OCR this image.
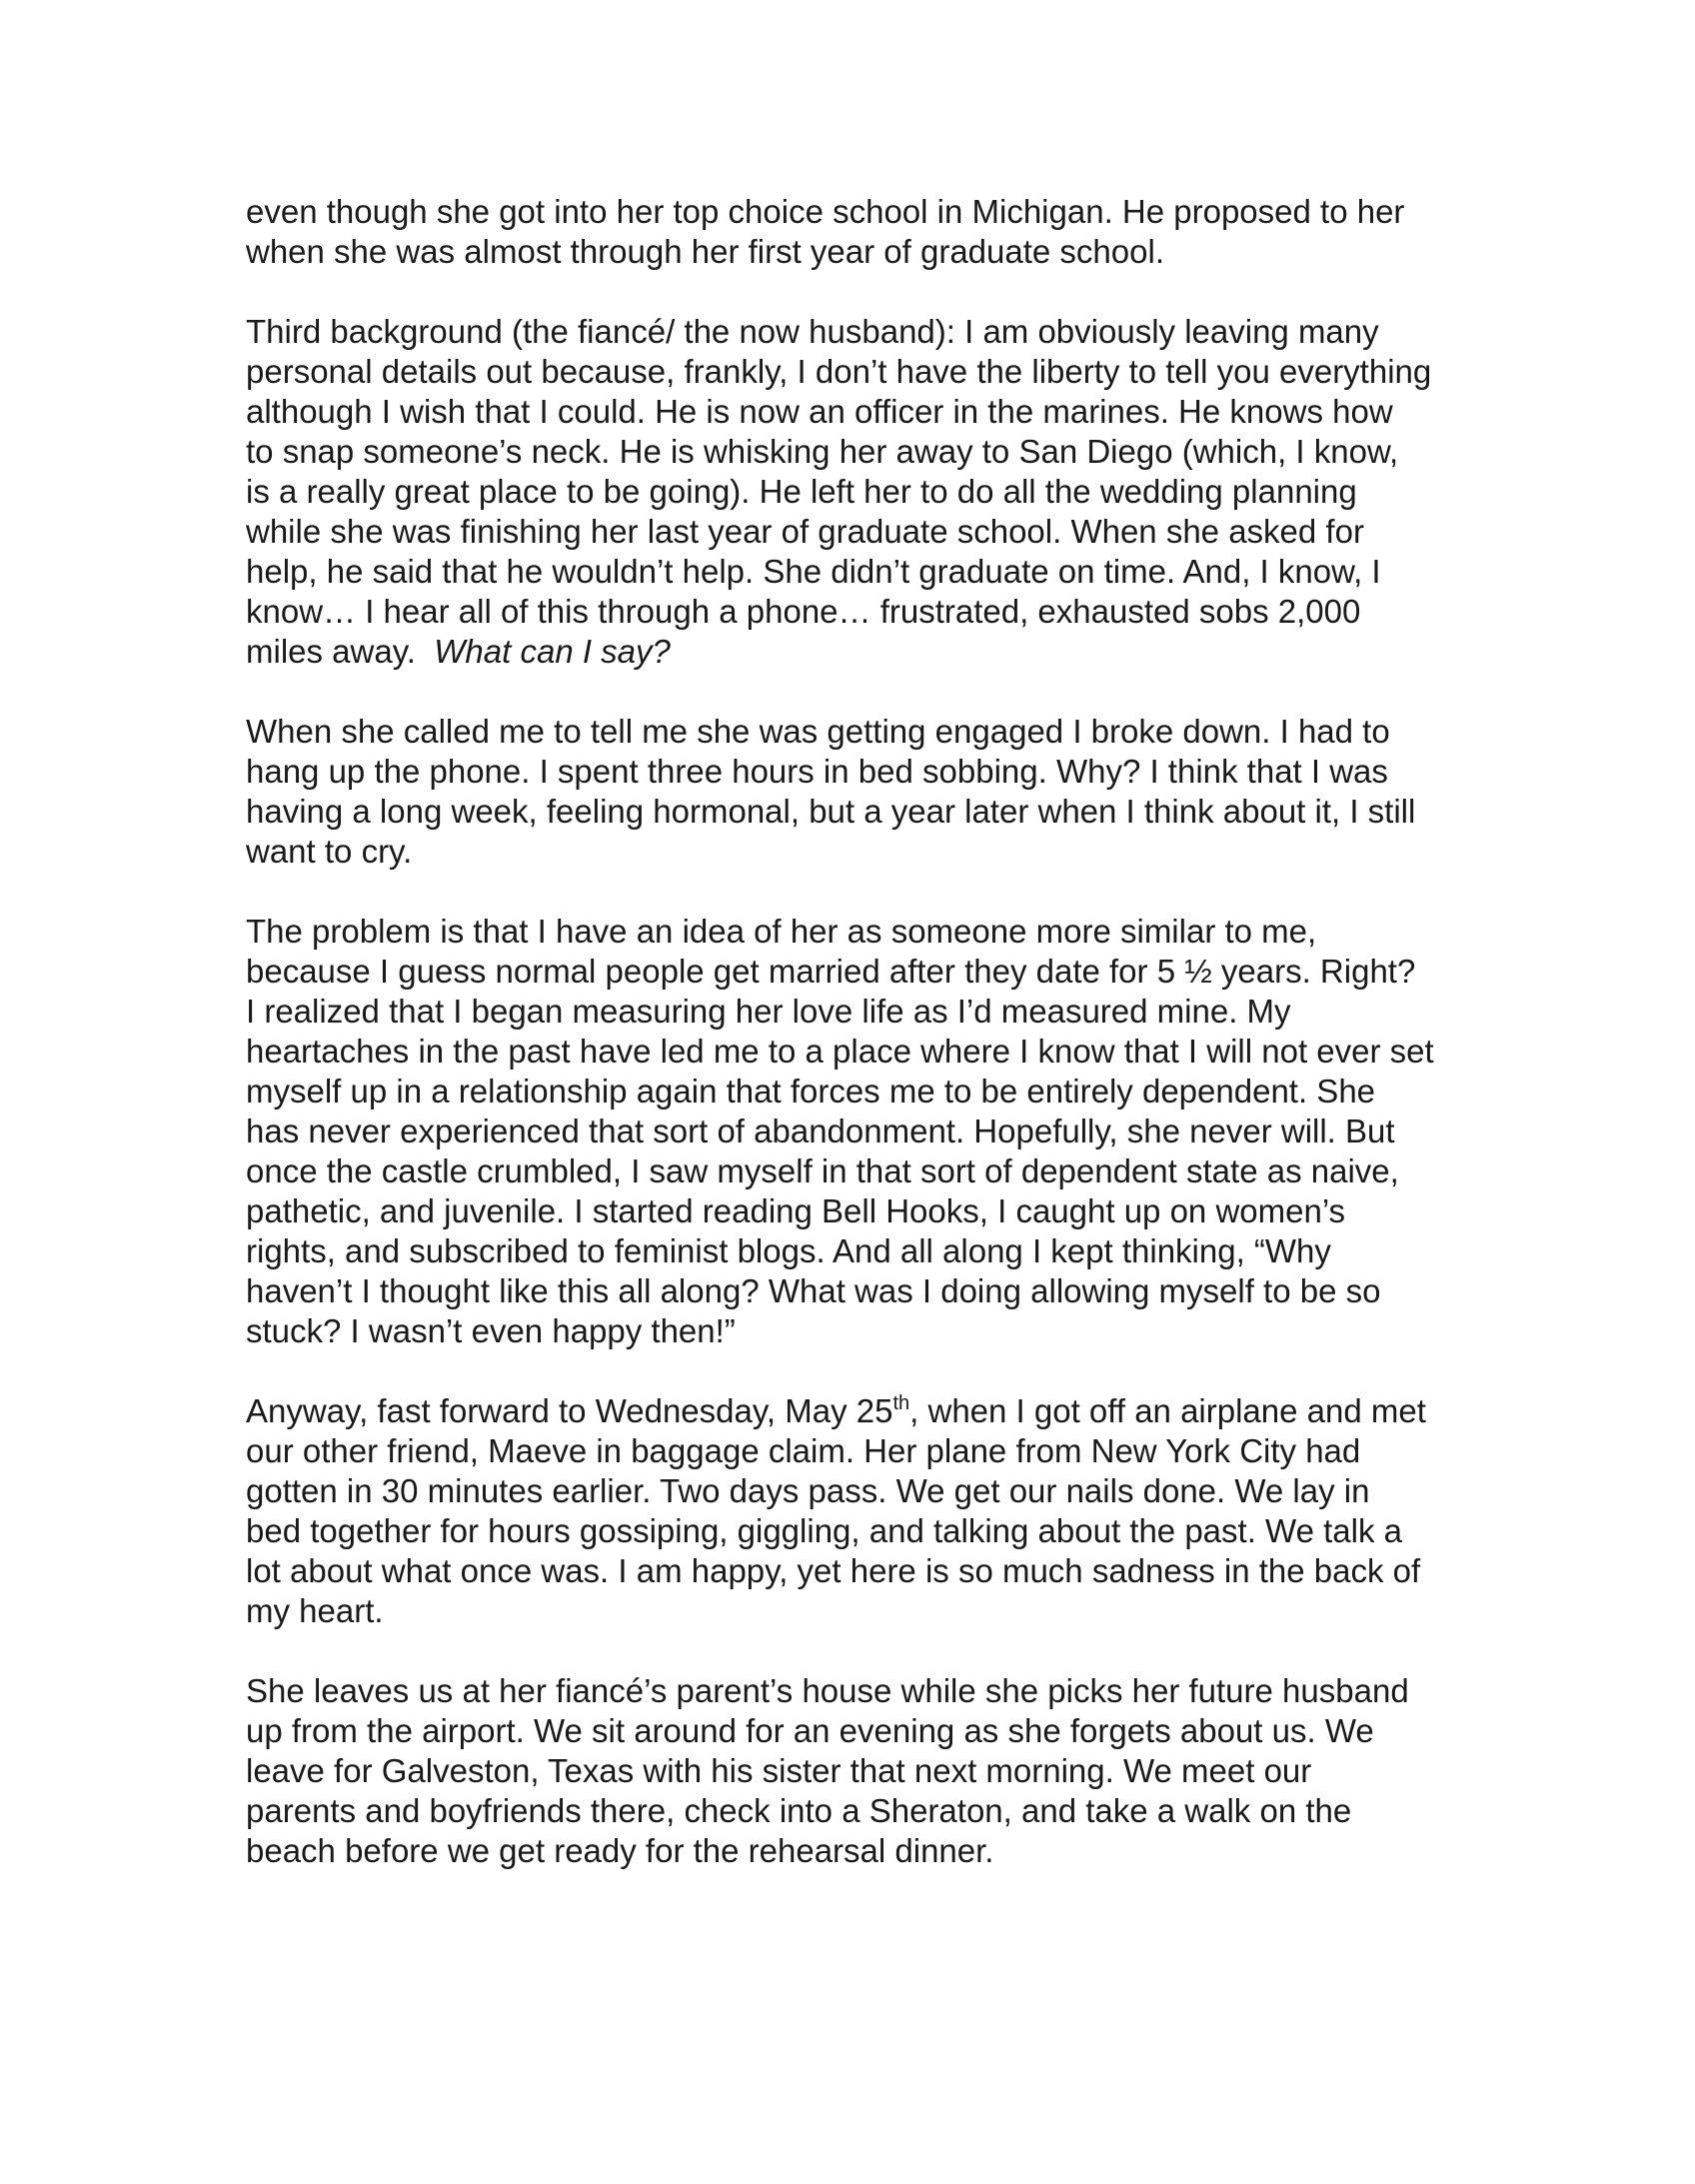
even though she got into her top choice school in Michigan. He proposed to her
when she was almost through her first year of graduate school.

Third background (the fiancé/ the now husband): I am obviously leaving many
personal details out because, frankly, I don’t have the liberty to tell you everything
although I wish that I could. He is now an officer in the marines. He knows how
to snap someone’s neck. He is whisking her away to San Diego (which, I know,
is a really great place to be going). He left her to do all the wedding planning
while she was finishing her last year of graduate school. When she asked for
help, he said that he wouldn’t help. She didn’t graduate on time. And, I know, I
know… I hear all of this through a phone… frustrated, exhausted sobs 2,000
miles away.  What can I say?

When she called me to tell me she was getting engaged I broke down. I had to
hang up the phone. I spent three hours in bed sobbing. Why? I think that I was
having a long week, feeling hormonal, but a year later when I think about it, I still
want to cry.

The problem is that I have an idea of her as someone more similar to me,
because I guess normal people get married after they date for 5 ½ years. Right?
I realized that I began measuring her love life as I’d measured mine. My
heartaches in the past have led me to a place where I know that I will not ever set
myself up in a relationship again that forces me to be entirely dependent. She
has never experienced that sort of abandonment. Hopefully, she never will. But
once the castle crumbled, I saw myself in that sort of dependent state as naive,
pathetic, and juvenile. I started reading Bell Hooks, I caught up on women’s
rights, and subscribed to feminist blogs. And all along I kept thinking, “Why
haven’t I thought like this all along? What was I doing allowing myself to be so
stuck? I wasn’t even happy then!”

Anyway, fast forward to Wednesday, May 25th, when I got off an airplane and met
our other friend, Maeve in baggage claim. Her plane from New York City had
gotten in 30 minutes earlier. Two days pass. We get our nails done. We lay in
bed together for hours gossiping, giggling, and talking about the past. We talk a
lot about what once was. I am happy, yet here is so much sadness in the back of
my heart.

She leaves us at her fiancé’s parent’s house while she picks her future husband
up from the airport. We sit around for an evening as she forgets about us. We
leave for Galveston, Texas with his sister that next morning. We meet our
parents and boyfriends there, check into a Sheraton, and take a walk on the
beach before we get ready for the rehearsal dinner.
